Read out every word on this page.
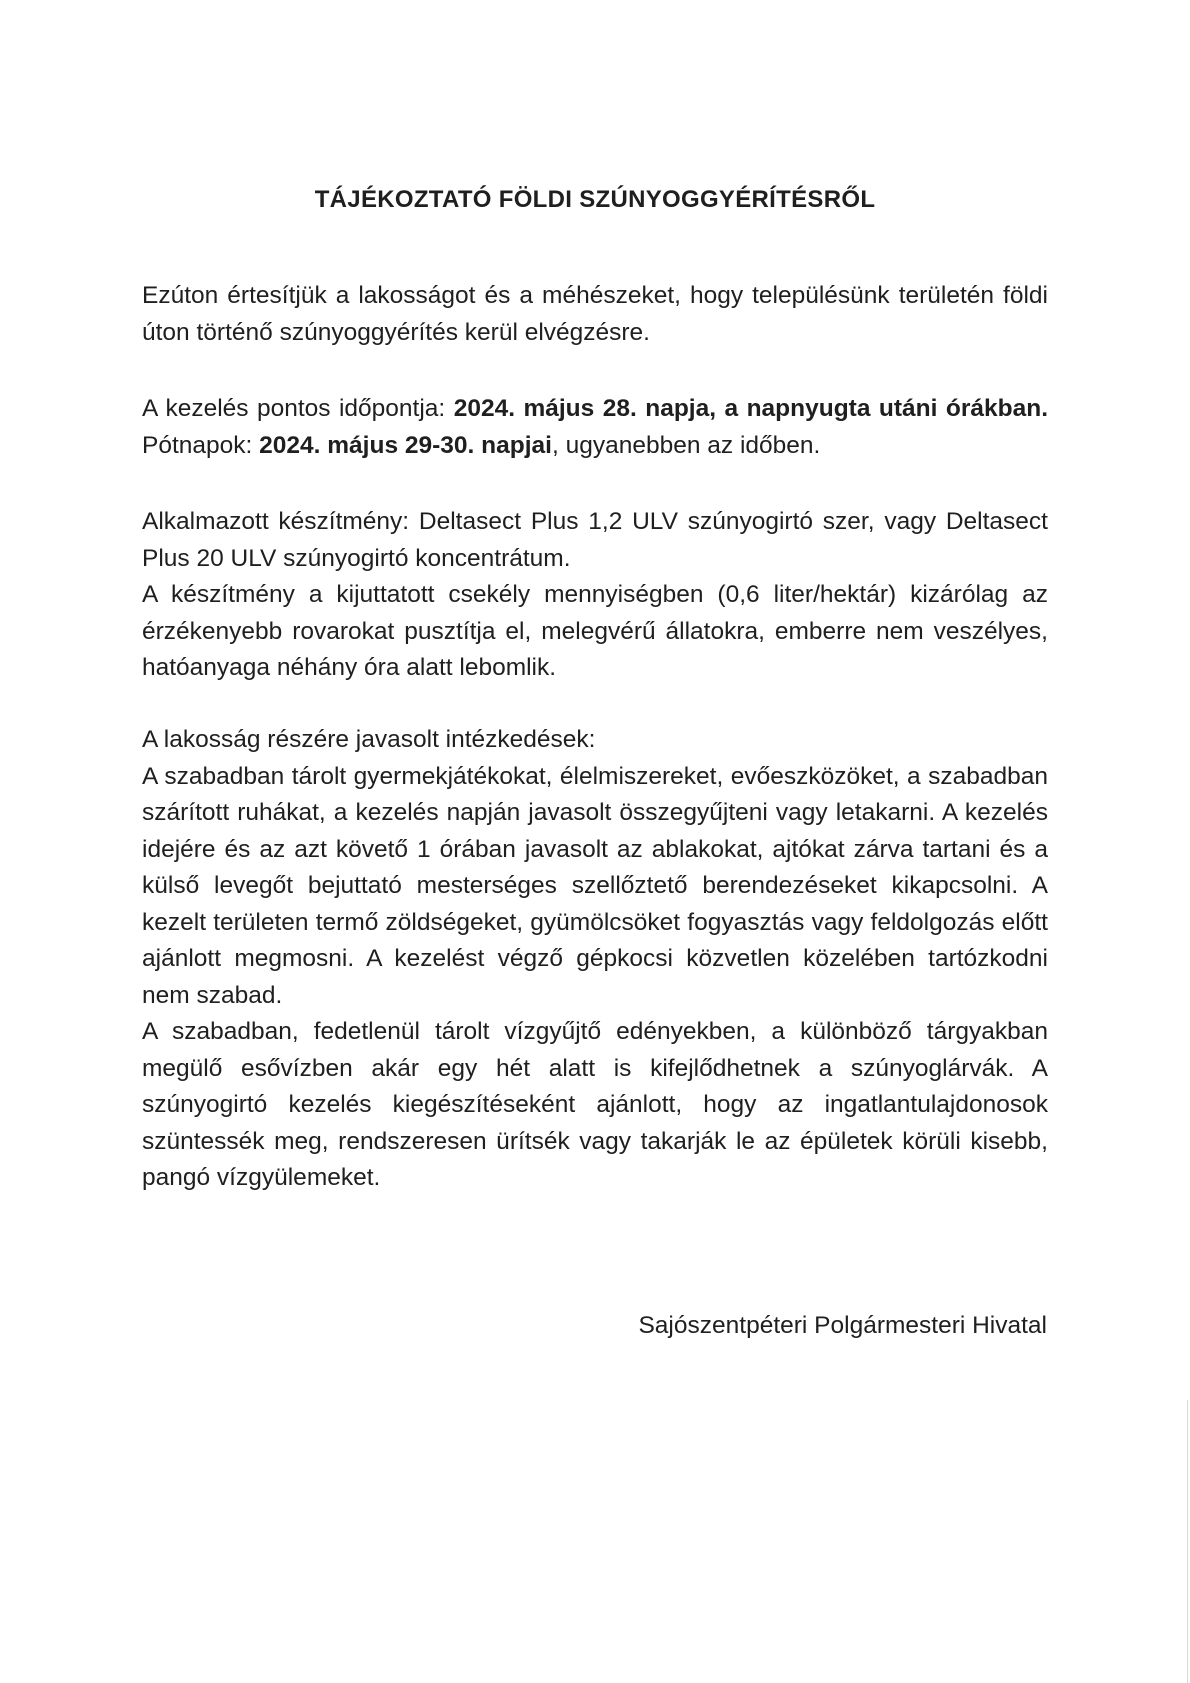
TÁJÉKOZTATÓ FÖLDI SZÚNYOGGYÉRÍTÉSRŐL

Ezúton értesítjük a lakosságot és a méhészeket, hogy településünk területén földi úton történő szúnyoggyérítés kerül elvégzésre.

A kezelés pontos időpontja: 2024. május 28. napja, a napnyugta utáni órákban. Pótnapok: 2024. május 29-30. napjai, ugyanebben az időben.

Alkalmazott készítmény: Deltasect Plus 1,2 ULV szúnyogirtó szer, vagy Deltasect Plus 20 ULV szúnyogirtó koncentrátum.
A készítmény a kijuttatott csekély mennyiségben (0,6 liter/hektár) kizárólag az érzékenyebb rovarokat pusztítja el, melegvérű állatokra, emberre nem veszélyes, hatóanyaga néhány óra alatt lebomlik.
A lakosság részére javasolt intézkedések:
A szabadban tárolt gyermekjátékokat, élelmiszereket, evőeszközöket, a szabadban szárított ruhákat, a kezelés napján javasolt összegyűjteni vagy letakarni. A kezelés idejére és az azt követő 1 órában javasolt az ablakokat, ajtókat zárva tartani és a külső levegőt bejuttató mesterséges szellőztető berendezéseket kikapcsolni. A kezelt területen termő zöldségeket, gyümölcsöket fogyasztás vagy feldolgozás előtt ajánlott megmosni. A kezelést végző gépkocsi közvetlen közelében tartózkodni nem szabad.
A szabadban, fedetlenül tárolt vízgyűjtő edényekben, a különböző tárgyakban megülő esővízben akár egy hét alatt is kifejlődhetnek a szúnyoglárvák. A szúnyogirtó kezelés kiegészítéseként ajánlott, hogy az ingatlantulajdonosok szüntessék meg, rendszeresen ürítsék vagy takarják le az épületek körüli kisebb, pangó vízgyülemeket.

Sajószentpéteri Polgármesteri Hivatal
